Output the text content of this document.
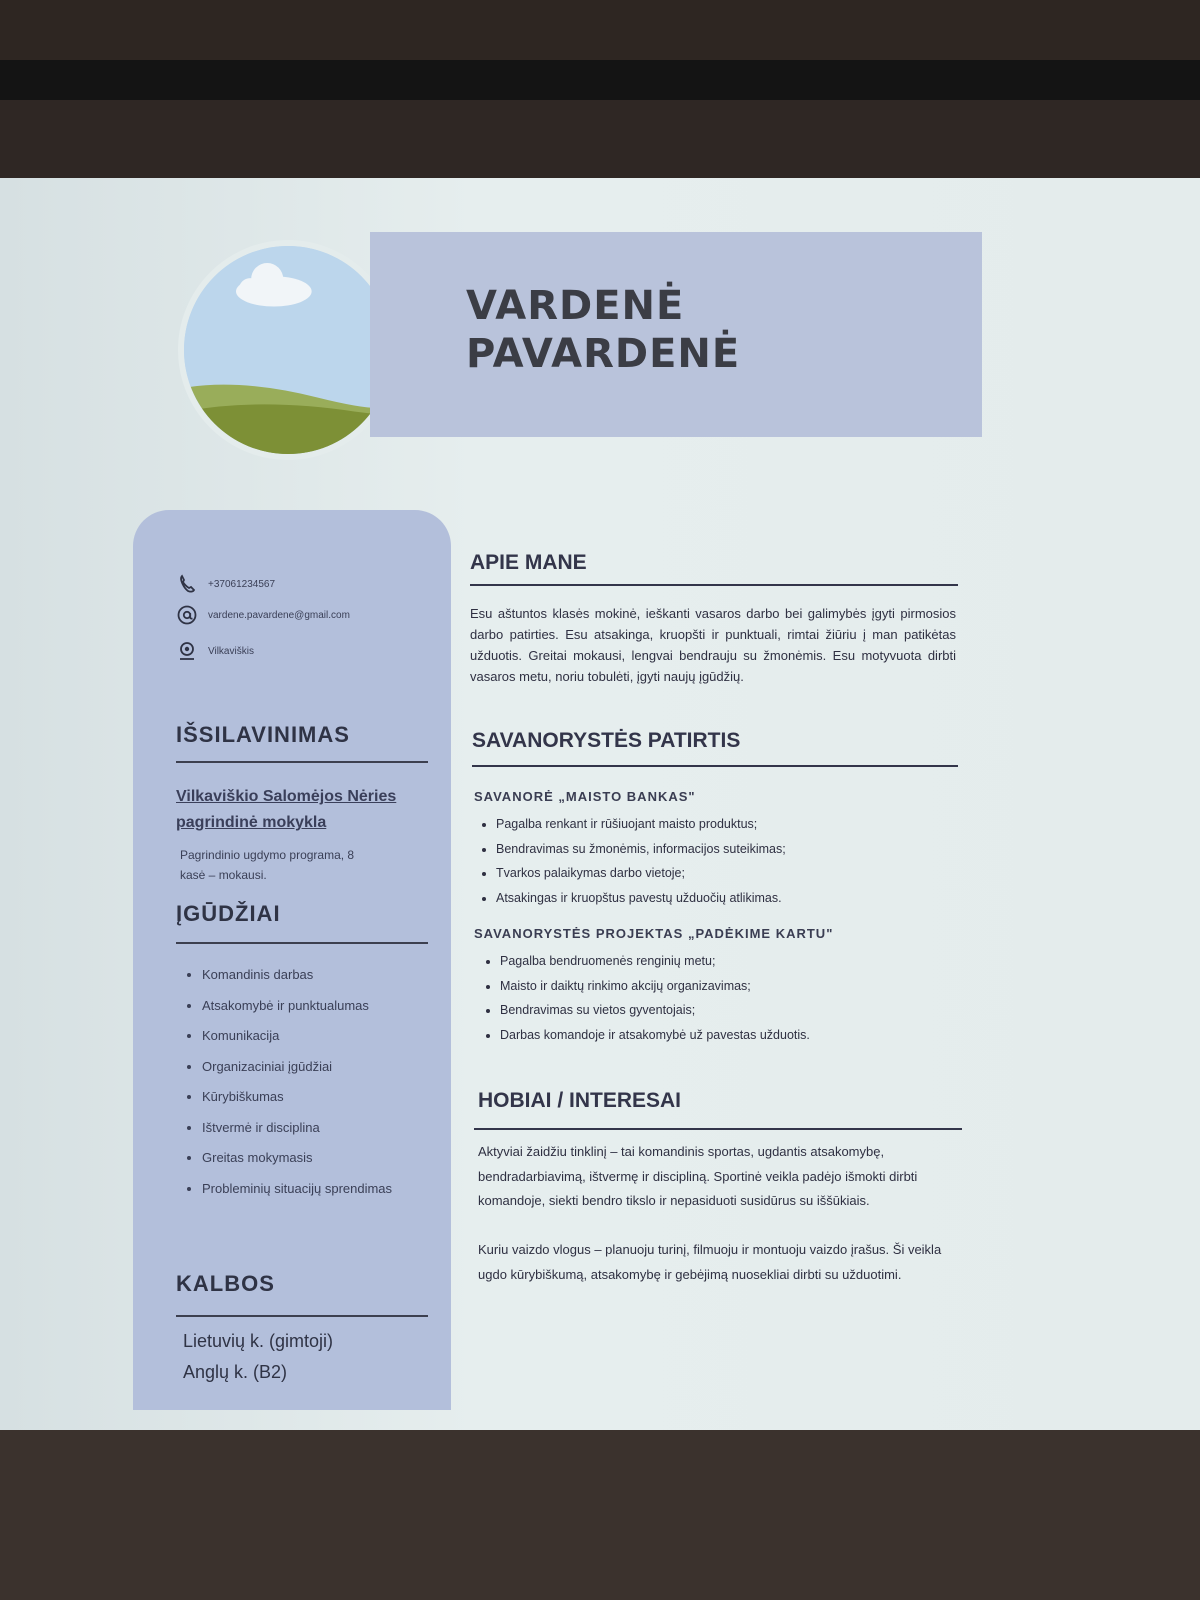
VARDENĖ
PAVARDENĖ
+37061234567
vardene.pavardene@gmail.com
Vilkaviškis
IŠSILAVINIMAS

Vilkaviškio Salomėjos Nėries pagrindinė mokykla

Pagrindinio ugdymo programa, 8 kasė – mokausi.

ĮGŪDŽIAI
• Komandinis darbas
• Atsakomybė ir punktualumas
• Komunikacija
• Organizaciniai įgūdžiai
• Kūrybiškumas
• Ištvermė ir disciplina
• Greitas mokymasis
• Probleminių situacijų sprendimas
KALBOS

Lietuvių k. (gimtoji)

Anglų k. (B2)

APIE MANE

Esu aštuntos klasės mokinė, ieškanti vasaros darbo bei galimybės įgyti pirmosios darbo patirties. Esu atsakinga, kruopšti ir punktuali, rimtai žiūriu į man patikėtas užduotis. Greitai mokausi, lengvai bendrauju su žmonėmis. Esu motyvuota dirbti vasaros metu, noriu tobulėti, įgyti naujų įgūdžių.

SAVANORYSTĖS PATIRTIS
SAVANORĖ „MAISTO BANKAS"
• Pagalba renkant ir rūšiuojant maisto produktus;
• Bendravimas su žmonėmis, informacijos suteikimas;
• Tvarkos palaikymas darbo vietoje;
• Atsakingas ir kruopštus pavestų užduočių atlikimas.
SAVANORYSTĖS PROJEKTAS „PADĖKIME KARTU"
• Pagalba bendruomenės renginių metu;
• Maisto ir daiktų rinkimo akcijų organizavimas;
• Bendravimas su vietos gyventojais;
• Darbas komandoje ir atsakomybė už pavestas užduotis.
HOBIAI / INTERESAI

Aktyviai žaidžiu tinklinį – tai komandinis sportas, ugdantis atsakomybę, bendradarbiavimą, ištvermę ir discipliną. Sportinė veikla padėjo išmokti dirbti komandoje, siekti bendro tikslo ir nepasiduoti susidūrus su iššūkiais.

Kuriu vaizdo vlogus – planuoju turinį, filmuoju ir montuoju vaizdo įrašus. Ši veikla ugdo kūrybiškumą, atsakomybę ir gebėjimą nuosekliai dirbti su užduotimi.
